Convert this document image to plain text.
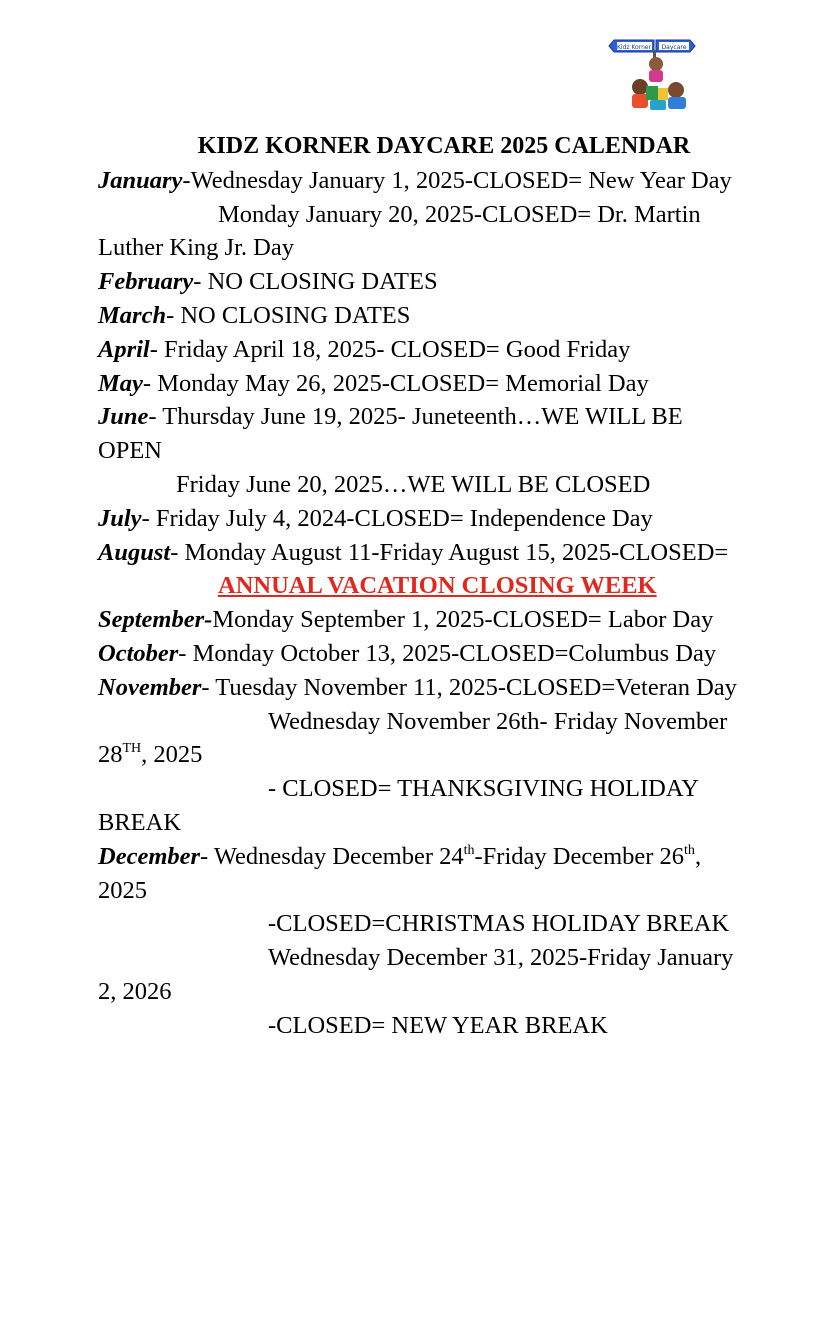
Kidz Korner Daycare

KIDZ KORNER DAYCARE 2025 CALENDAR

January-Wednesday January 1, 2025-CLOSED= New Year Day

Monday January 20, 2025-CLOSED= Dr. Martin Luther King Jr. Day

February- NO CLOSING DATES

March- NO CLOSING DATES

April- Friday April 18, 2025- CLOSED= Good Friday

May- Monday May 26, 2025-CLOSED= Memorial Day

June- Thursday June 19, 2025- Juneteenth…WE WILL BE OPEN

Friday June 20, 2025…WE WILL BE CLOSED

July- Friday July 4, 2024-CLOSED= Independence Day

August- Monday August 11-Friday August 15, 2025-CLOSED=

ANNUAL VACATION CLOSING WEEK

September-Monday September 1, 2025-CLOSED= Labor Day

October- Monday October 13, 2025-CLOSED=Columbus Day

November- Tuesday November 11, 2025-CLOSED=Veteran Day

Wednesday November 26th- Friday November 28TH, 2025

- CLOSED= THANKSGIVING HOLIDAY BREAK

December- Wednesday December 24th-Friday December 26th, 2025

-CLOSED=CHRISTMAS HOLIDAY BREAK

Wednesday December 31, 2025-Friday January 2, 2026

-CLOSED= NEW YEAR BREAK
